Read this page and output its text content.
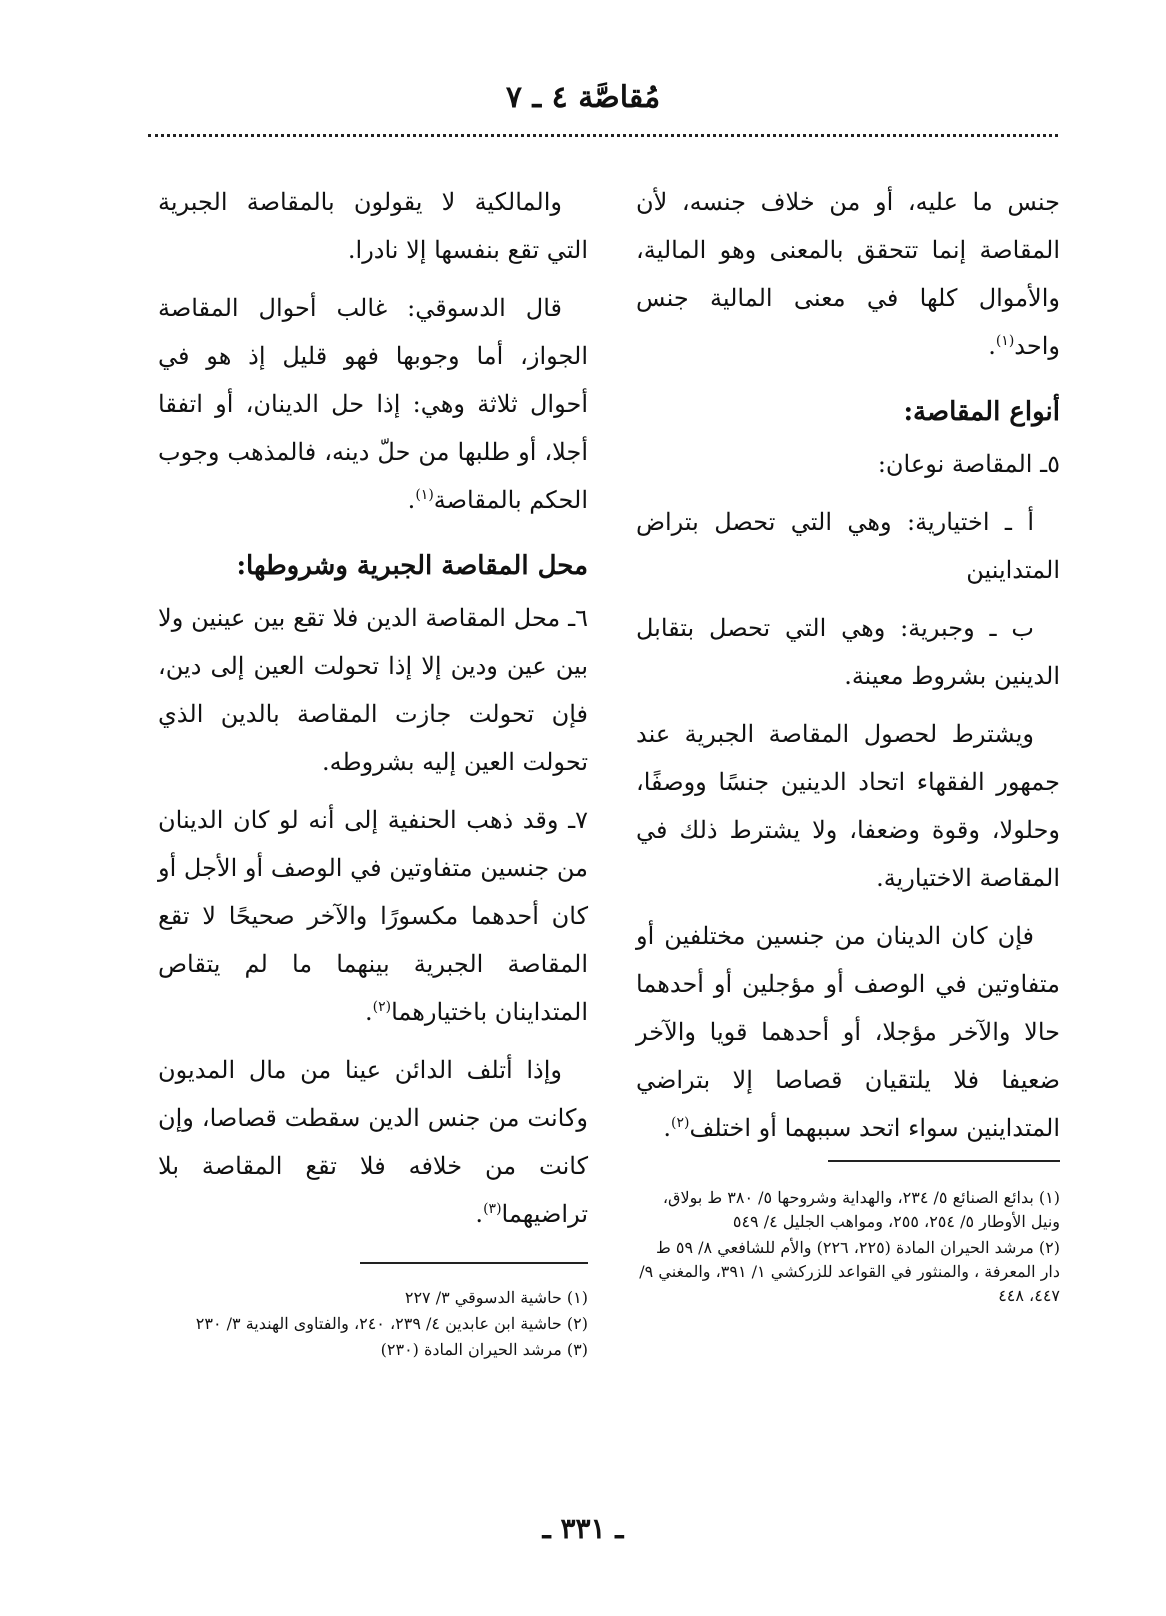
مُقاصَّة ٤ ـ ٧

جنس ما عليه، أو من خلاف جنسه، لأن المقاصة إنما تتحقق بالمعنى وهو المالية، والأموال كلها في معنى المالية جنس واحد$^{(١)}$.

أنواع المقاصة:

٥ـ المقاصة نوعان:

أ ـ اختيارية: وهي التي تحصل بتراض المتداينين

ب ـ وجبرية: وهي التي تحصل بتقابل الدينين بشروط معينة.

ويشترط لحصول المقاصة الجبرية عند جمهور الفقهاء اتحاد الدينين جنسًا ووصفًا، وحلولا، وقوة وضعفا، ولا يشترط ذلك في المقاصة الاختيارية.

فإن كان الدينان من جنسين مختلفين أو متفاوتين في الوصف أو مؤجلين أو أحدهما حالا والآخر مؤجلا، أو أحدهما قويا والآخر ضعيفا فلا يلتقيان قصاصا إلا بتراضي المتداينين سواء اتحد سببهما أو اختلف$^{(٢)}$.

والمالكية لا يقولون بالمقاصة الجبرية التي تقع بنفسها إلا نادرا.

قال الدسوقي: غالب أحوال المقاصة الجواز، أما وجوبها فهو قليل إذ هو في أحوال ثلاثة وهي: إذا حل الدينان، أو اتفقا أجلا، أو طلبها من حلّ دينه، فالمذهب وجوب الحكم بالمقاصة$^{(١)}$.

محل المقاصة الجبرية وشروطها:

٦ـ محل المقاصة الدين فلا تقع بين عينين ولا بين عين ودين إلا إذا تحولت العين إلى دين، فإن تحولت جازت المقاصة بالدين الذي تحولت العين إليه بشروطه.

٧ـ وقد ذهب الحنفية إلى أنه لو كان الدينان من جنسين متفاوتين في الوصف أو الأجل أو كان أحدهما مكسورًا والآخر صحيحًا لا تقع المقاصة الجبرية بينهما ما لم يتقاص المتداينان باختيارهما$^{(٢)}$.

وإذا أتلف الدائن عينا من مال المديون وكانت من جنس الدين سقطت قصاصا، وإن كانت من خلافه فلا تقع المقاصة بلا تراضيهما$^{(٣)}$.

(١) بدائع الصنائع ٥/ ٢٣٤، والهداية وشروحها ٥/ ٣٨٠ ط بولاق، ونيل الأوطار ٥/ ٢٥٤، ٢٥٥، ومواهب الجليل ٤/ ٥٤٩

(٢) مرشد الحيران المادة (٢٢٥، ٢٢٦) والأم للشافعي ٨/ ٥٩ ط دار المعرفة ، والمنثور في القواعد للزركشي ١/ ٣٩١، والمغني ٩/ ٤٤٧، ٤٤٨

(١) حاشية الدسوقي ٣/ ٢٢٧

(٢) حاشية ابن عابدين ٤/ ٢٣٩، ٢٤٠، والفتاوى الهندية ٣/ ٢٣٠

(٣) مرشد الحيران المادة (٢٣٠)

ـ ٣٣١ ـ
